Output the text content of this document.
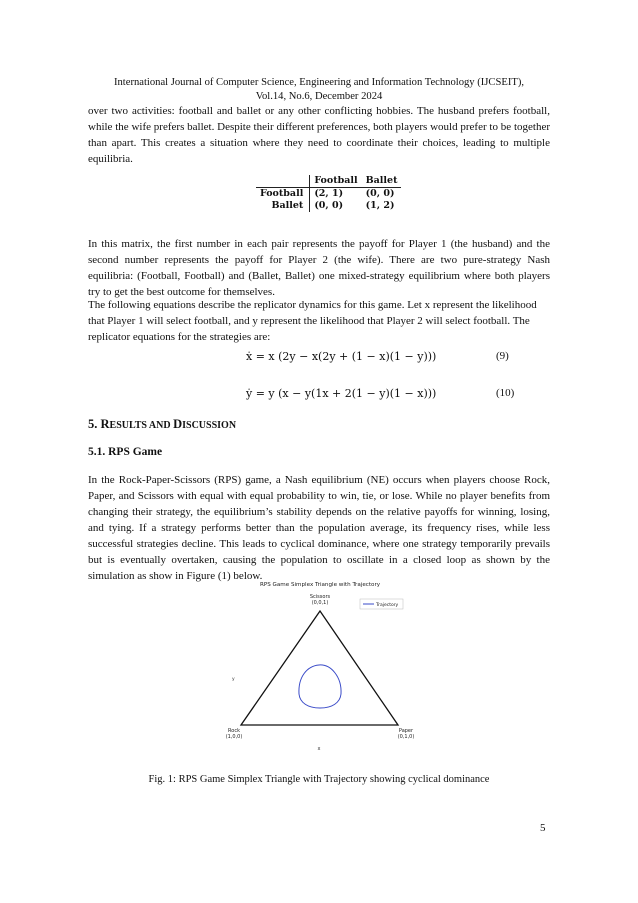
International Journal of Computer Science, Engineering and Information Technology (IJCSEIT),
Vol.14, No.6, December 2024
over two activities: football and ballet or any other conflicting hobbies. The husband prefers football, while the wife prefers ballet. Despite their different preferences, both players would prefer to be together than apart. This creates a situation where they need to coordinate their choices, leading to multiple equilibria.
	Football	Ballet
Football	(2, 1)	(0, 0)
Ballet	(0, 0)	(1, 2)
In this matrix, the first number in each pair represents the payoff for Player 1 (the husband) and the second number represents the payoff for Player 2 (the wife). There are two pure-strategy Nash equilibria: (Football, Football) and (Ballet, Ballet) one mixed-strategy equilibrium where both players try to get the best outcome for themselves.
The following equations describe the replicator dynamics for this game. Let x represent the likelihood that Player 1 will select football, and y represent the likelihood that Player 2 will select football. The replicator equations for the strategies are:
ẋ = x (2y − x(2y + (1 − x)(1 − y)))	(9)
ẏ = y (x − y(1x + 2(1 − y)(1 − x)))	(10)
5. RESULTS AND DISCUSSION
5.1. RPS Game
In the Rock-Paper-Scissors (RPS) game, a Nash equilibrium (NE) occurs when players choose Rock, Paper, and Scissors with equal with equal probability to win, tie, or lose. While no player benefits from changing their strategy, the equilibrium’s stability depends on the relative payoffs for winning, losing, and tying. If a strategy performs better than the population average, its frequency rises, while less successful strategies decline. This leads to cyclical dominance, where one strategy temporarily prevails but is eventually overtaken, causing the population to oscillate in a closed loop as shown by the simulation as show in Figure (1) below.
RPS Game Simplex Triangle with Trajectory
Scissors
(0,0,1)	Trajectory
y
Rock
(1,0,0)
Paper
(0,1,0)
x
Fig. 1: RPS Game Simplex Triangle with Trajectory showing cyclical dominance
5
